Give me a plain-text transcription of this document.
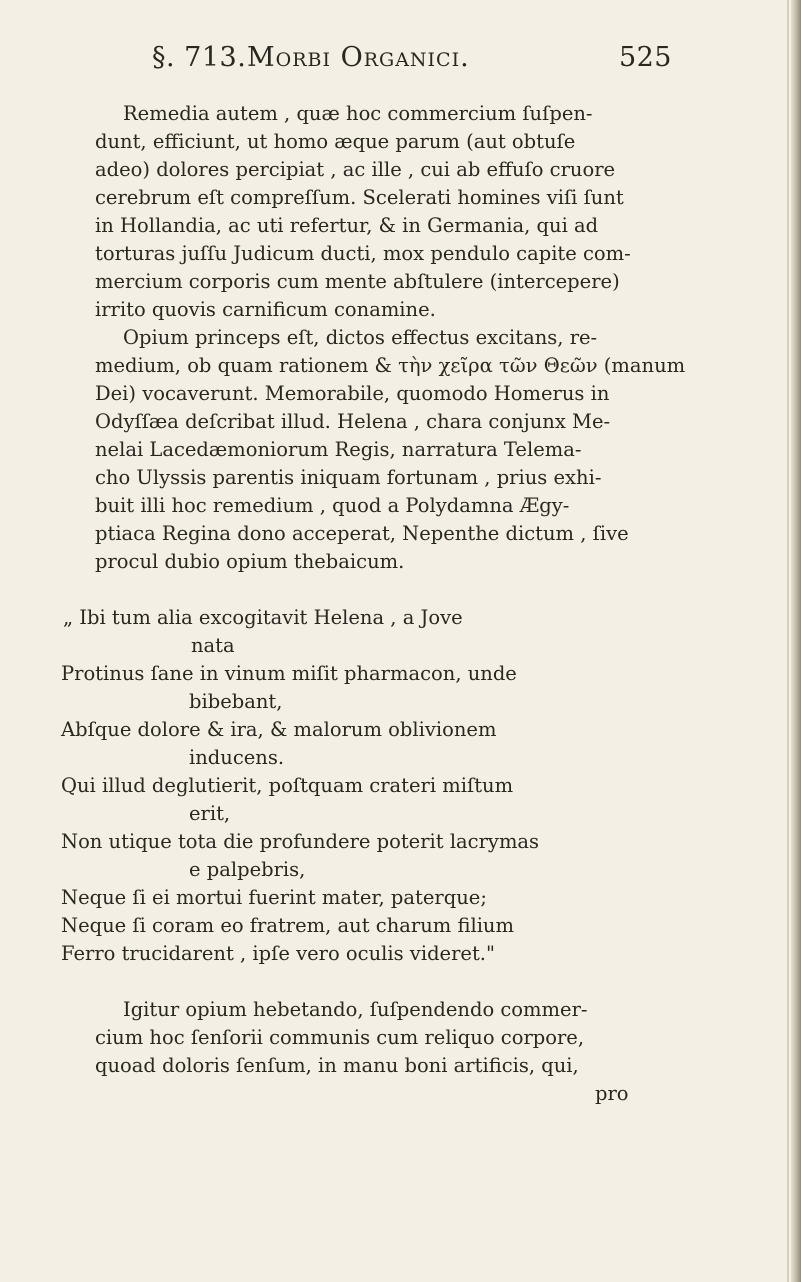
§. 713. Morbi Organici.	525
Remedia autem , quæ hoc commercium ſuſpen-
dunt, efficiunt, ut homo æque parum (aut obtuſe
adeo) dolores percipiat , ac ille , cui ab effuſo cruore
cerebrum eſt compreſſum. Scelerati homines viſi ſunt
in Hollandia, ac uti refertur, & in Germania, qui ad
torturas juſſu Judicum ducti, mox pendulo capite com-
mercium corporis cum mente abſtulere (intercepere)
irrito quovis carnificum conamine.
Opium princeps eſt, dictos effectus excitans, re-
medium, ob quam rationem & τὴν χεῖρα τῶν Θεῶν (manum
Dei) vocaverunt. Memorabile, quomodo Homerus in
Odyſſæa deſcribat illud. Helena , chara conjunx Me-
nelai Lacedæmoniorum Regis, narratura Telema-
cho Ulyssis parentis iniquam fortunam , prius exhi-
buit illi hoc remedium , quod a Polydamna Ægy-
ptiaca Regina dono acceperat, Nepenthe dictum , ſive
procul dubio opium thebaicum.
„ Ibi tum alia excogitavit Helena , a Jove
nata
Protinus ſane in vinum miſit pharmacon, unde
bibebant,
Abſque dolore & ira, & malorum oblivionem
inducens.
Qui illud deglutierit, poſtquam crateri miſtum
erit,
Non utique tota die profundere poterit lacrymas
e palpebris,
Neque ſi ei mortui fuerint mater, paterque;
Neque ſi coram eo fratrem, aut charum filium
Ferro trucidarent , ipſe vero oculis videret."
Igitur opium hebetando, ſuſpendendo commer-
cium hoc ſenſorii communis cum reliquo corpore,
quoad doloris ſenſum, in manu boni artificis, qui,
pro
